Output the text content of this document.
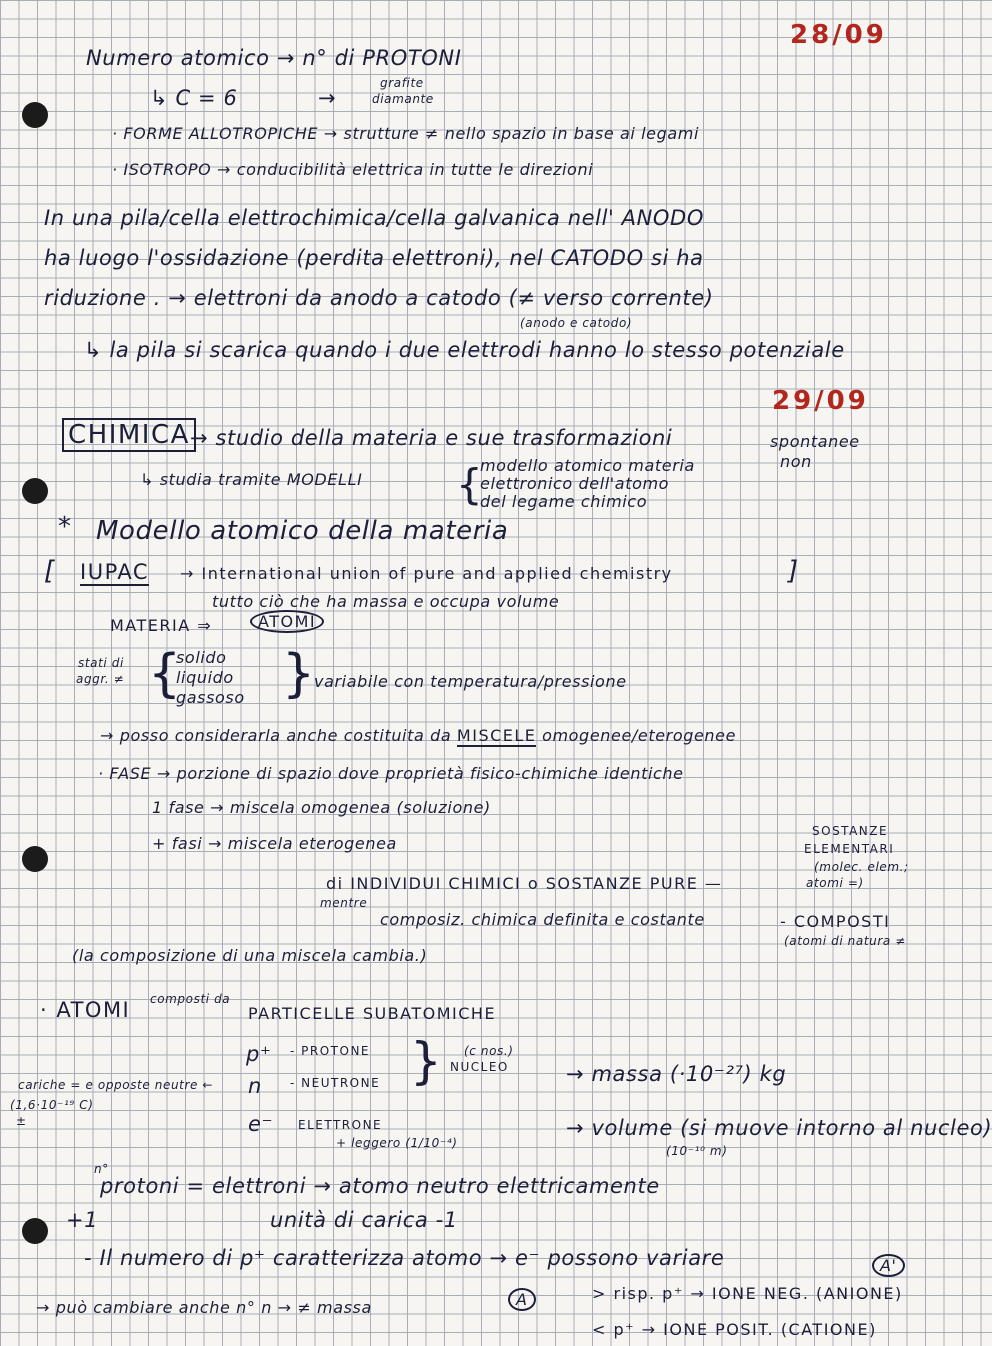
28/09
29/09
Numero atomico → n° di PROTONI
↳ C = 6	→
grafite
diamante
· FORME ALLOTROPICHE → strutture ≠ nello spazio in base ai legami
· ISOTROPO → conducibilità elettrica in tutte le direzioni
In una pila/cella elettrochimica/cella galvanica nell' ANODO
ha luogo l'ossidazione (perdita elettroni), nel CATODO si ha
riduzione . → elettroni da anodo a catodo (≠ verso corrente)
(anodo e catodo)
↳ la pila si scarica quando i due elettrodi hanno lo stesso potenziale
CHIMICA → studio della materia e sue trasformazioni	spontanee
non
↳ studia tramite MODELLI {
modello atomico materia
elettronico dell'atomo
del legame chimico
* Modello atomico della materia
[ IUPAC → International union of pure and applied chemistry	]
tutto ciò che ha massa e occupa volume
MATERIA ⇒	ATOMI
stati di
aggr. ≠ {
solido
liquido
gassoso }
variabile con temperatura/pressione
→ posso considerarla anche costituita da MISCELE omogenee/eterogenee
· FASE → porzione di spazio dove proprietà fisico-chimiche identiche
1 fase → miscela omogenea (soluzione)
+ fasi → miscela eterogenea
SOSTANZE
ELEMENTARI
(molec. elem.;
atomi =)
di INDIVIDUI CHIMICI o SOSTANZE PURE —
mentre
composiz. chimica definita e costante	- COMPOSTI
(atomi di natura ≠
(la composizione di una miscela cambia.)
· ATOMI composti da
PARTICELLE SUBATOMICHE
p⁺
n
e⁻
- PROTONE
- NEUTRONE
ELETTRONE
+ leggero (1/10⁻⁴)
} (c nos.)
NUCLEO	→ massa (·10⁻²⁷) kg
→ volume (si muove intorno al nucleo)
(10⁻¹⁰ m)
cariche = e opposte neutre ←
(1,6·10⁻¹⁹ C)
±
n°
protoni = elettroni → atomo neutro elettricamente
+1	unità di carica -1
- Il numero di p⁺ caratterizza atomo → e⁻ possono variare	A'
→ può cambiare anche n° n → ≠ massa	A	> risp. p⁺ → IONE NEG. (ANIONE)
< p⁺ → IONE POSIT. (CATIONE)
